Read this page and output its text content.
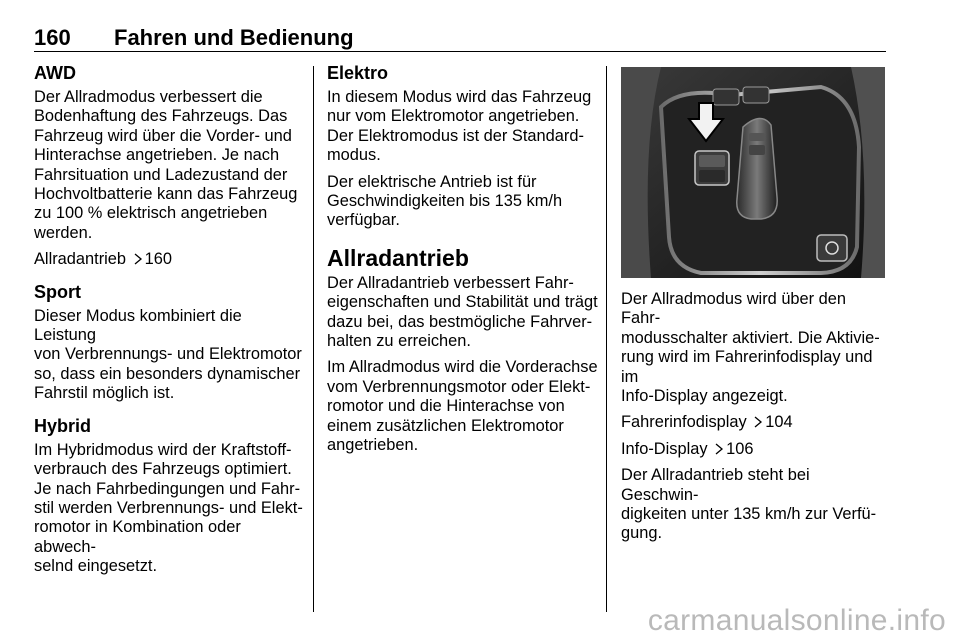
160 Fahren und Bedienung
AWD

Der Allradmodus verbessert die
Bodenhaftung des Fahrzeugs. Das
Fahrzeug wird über die Vorder- und
Hinterachse angetrieben. Je nach
Fahrsituation und Ladezustand der
Hochvoltbatterie kann das Fahrzeug
zu 100 % elektrisch angetrieben
werden.

Allradantrieb 160

Sport

Dieser Modus kombiniert die Leistung
von Verbrennungs- und Elektromotor
so, dass ein besonders dynamischer
Fahrstil möglich ist.

Hybrid

Im Hybridmodus wird der Kraftstoff-
verbrauch des Fahrzeugs optimiert.
Je nach Fahrbedingungen und Fahr-
stil werden Verbrennungs- und Elekt-
romotor in Kombination oder abwech-
selnd eingesetzt.

Elektro

In diesem Modus wird das Fahrzeug
nur vom Elektromotor angetrieben.
Der Elektromodus ist der Standard-
modus.

Der elektrische Antrieb ist für
Geschwindigkeiten bis 135 km/h
verfügbar.

Allradantrieb

Der Allradantrieb verbessert Fahr-
eigenschaften und Stabilität und trägt
dazu bei, das bestmögliche Fahrver-
halten zu erreichen.

Im Allradmodus wird die Vorderachse
vom Verbrennungsmotor oder Elekt-
romotor und die Hinterachse von
einem zusätzlichen Elektromotor
angetrieben.

Der Allradmodus wird über den Fahr-
modusschalter aktiviert. Die Aktivie-
rung wird im Fahrerinfodisplay und im
Info-Display angezeigt.

Fahrerinfodisplay 104

Info-Display 106

Der Allradantrieb steht bei Geschwin-
digkeiten unter 135 km/h zur Verfü-
gung.

carmanualsonline.info
